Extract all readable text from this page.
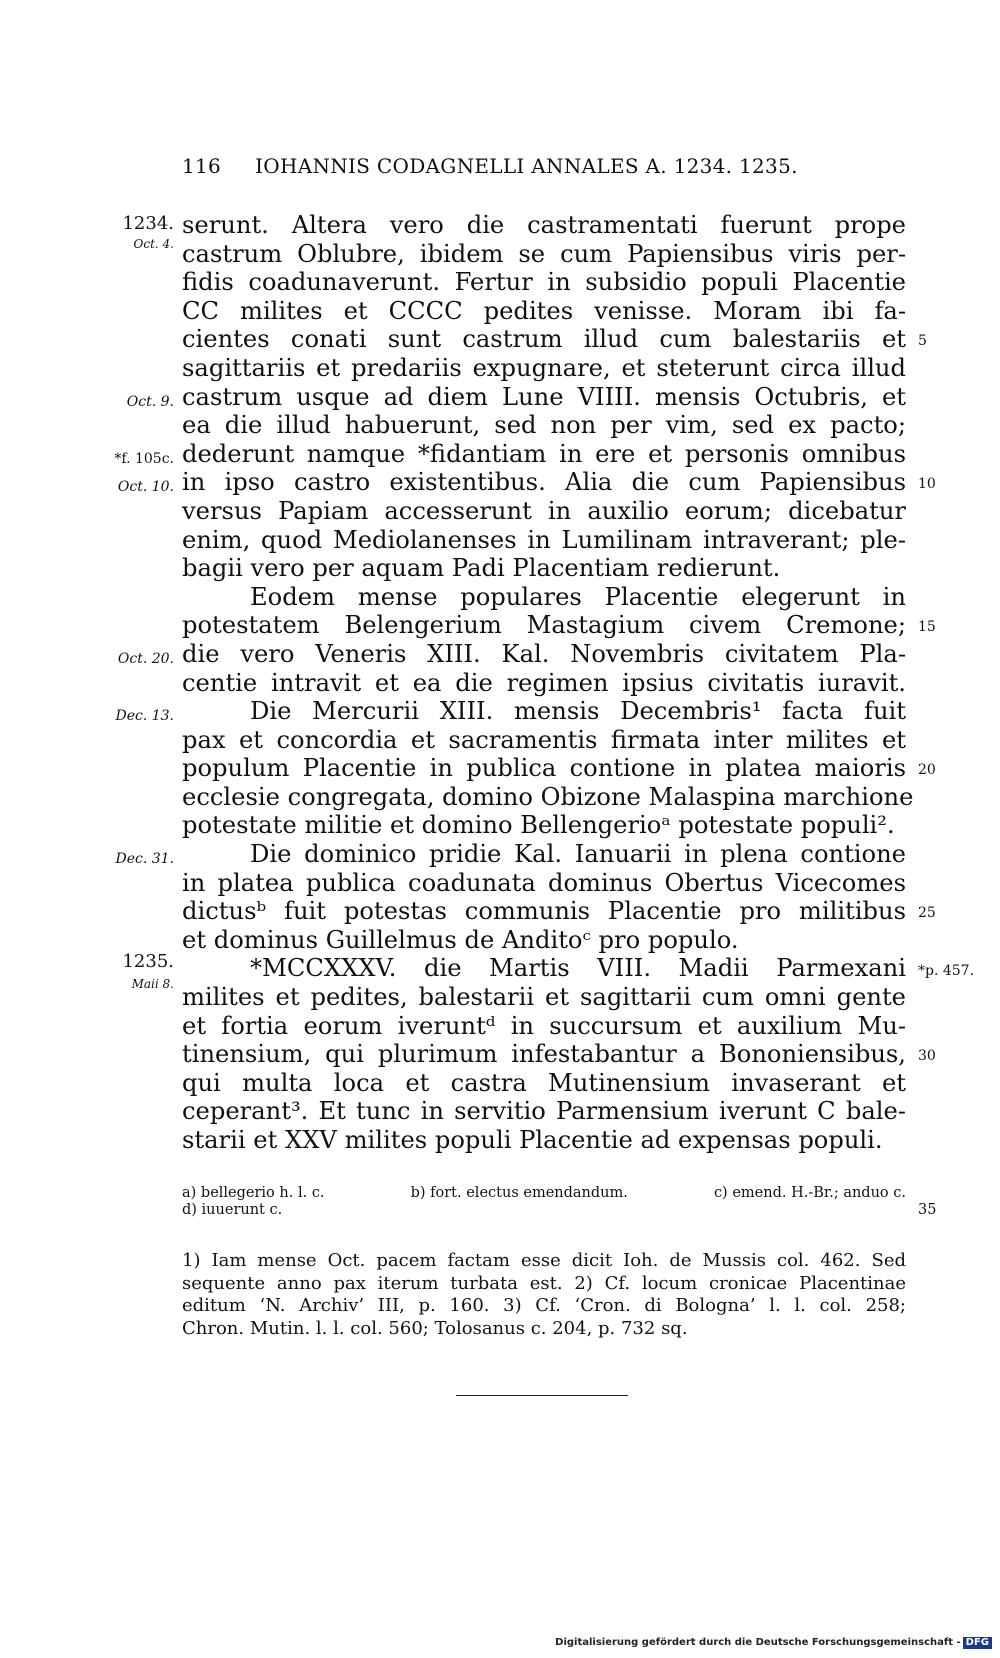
116 IOHANNIS CODAGNELLI ANNALES A. 1234. 1235.
serunt. Altera vero die castramentati fuerunt prope
castrum Oblubre, ibidem se cum Papiensibus viris per-
fidis coadunaverunt. Fertur in subsidio populi Placentie
CC milites et CCCC pedites venisse. Moram ibi fa-
cientes conati sunt castrum illud cum balestariis et
sagittariis et predariis expugnare, et steterunt circa illud
castrum usque ad diem Lune VIIII. mensis Octubris, et
ea die illud habuerunt, sed non per vim, sed ex pacto;
dederunt namque *fidantiam in ere et personis omnibus
in ipso castro existentibus. Alia die cum Papiensibus
versus Papiam accesserunt in auxilio eorum; dicebatur
enim, quod Mediolanenses in Lumilinam intraverant; ple-
bagii vero per aquam Padi Placentiam redierunt.
Eodem mense populares Placentie elegerunt in
potestatem Belengerium Mastagium civem Cremone;
die vero Veneris XIII. Kal. Novembris civitatem Pla-
centie intravit et ea die regimen ipsius civitatis iuravit.
Die Mercurii XIII. mensis Decembris¹ facta fuit
pax et concordia et sacramentis firmata inter milites et
populum Placentie in publica contione in platea maioris
ecclesie congregata, domino Obizone Malaspina marchione
potestate militie et domino Bellengerioᵃ potestate populi².
Die dominico pridie Kal. Ianuarii in plena contione
in platea publica coadunata dominus Obertus Vicecomes
dictusᵇ fuit potestas communis Placentie pro militibus
et dominus Guillelmus de Anditoᶜ pro populo.
*MCCXXXV. die Martis VIII. Madii Parmexani
milites et pedites, balestarii et sagittarii cum omni gente
et fortia eorum iveruntᵈ in succursum et auxilium Mu-
tinensium, qui plurimum infestabantur a Bononiensibus,
qui multa loca et castra Mutinensium invaserant et
ceperant³. Et tunc in servitio Parmensium iverunt C bale-
starii et XXV milites populi Placentie ad expensas populi.
1234.
Oct. 4.
Oct. 9.
*f. 105c.
Oct. 10.
Oct. 20.
Dec. 13.
Dec. 31.
1235.
Maii 8.
5
10
15
20
25
*p. 457.
30
a) bellegerio h. l. c.	b) fort. electus emendandum.	c) emend. H.-Br.; anduo c.
d) iuuerunt c.	35
1) Iam mense Oct. pacem factam esse dicit Ioh. de Mussis col. 462. Sed
sequente anno pax iterum turbata est. 2) Cf. locum cronicae Placentinae
editum ‘N. Archiv’ III, p. 160. 3) Cf. ‘Cron. di Bologna’ l. l. col. 258;
Chron. Mutin. l. l. col. 560; Tolosanus c. 204, p. 732 sq.
Digitalisierung gefördert durch die Deutsche Forschungsgemeinschaft - DFG
